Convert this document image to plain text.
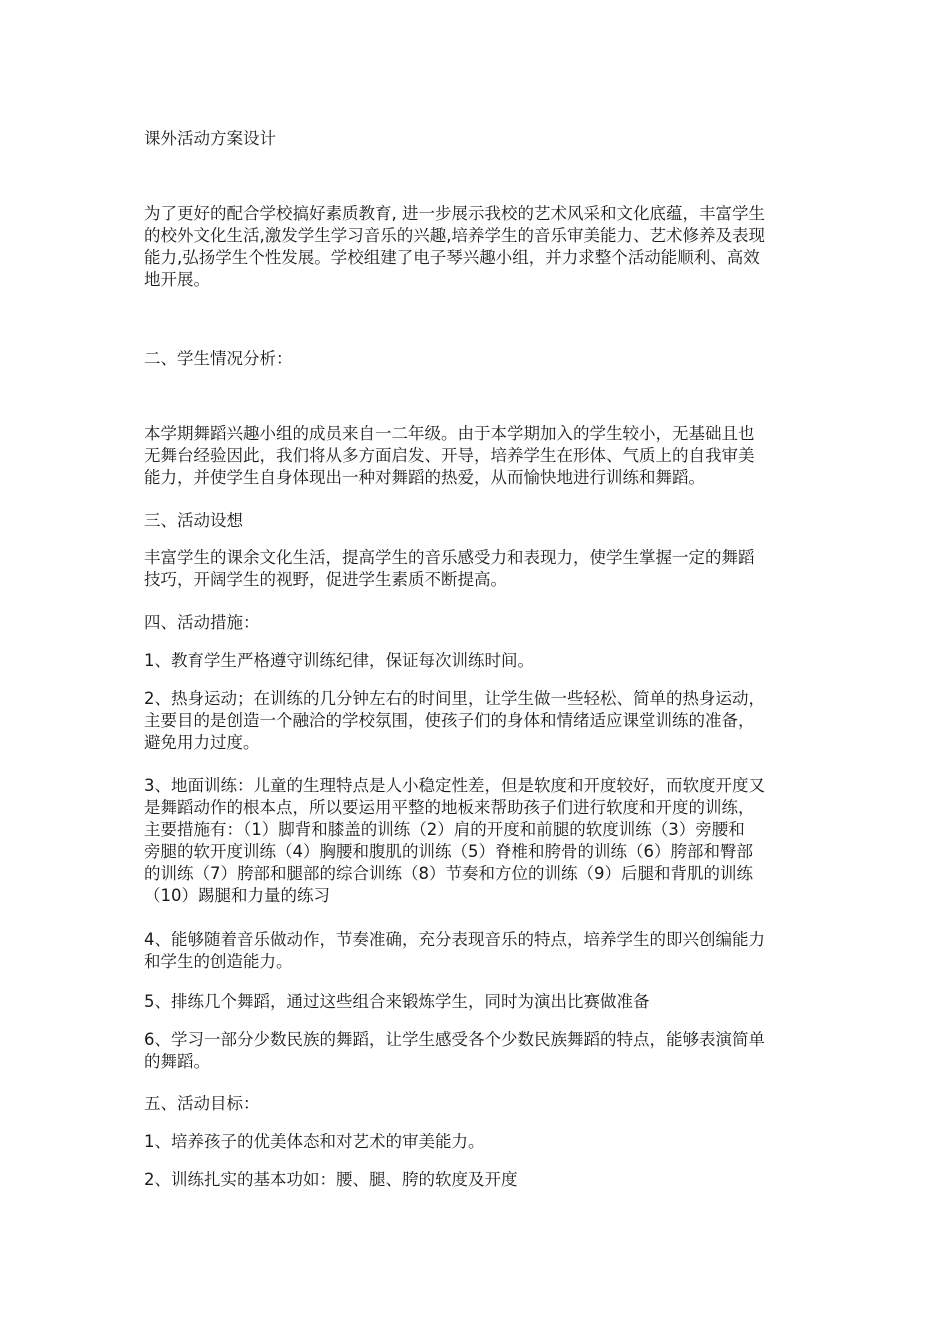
课外活动方案设计

为了更好的配合学校搞好素质教育, 进一步展示我校的艺术风采和文化底蕴，丰富学生
的校外文化生活,激发学生学习音乐的兴趣,培养学生的音乐审美能力、艺术修养及表现
能力,弘扬学生个性发展。学校组建了电子琴兴趣小组，并力求整个活动能顺利、高效
地开展。

二、学生情况分析：

本学期舞蹈兴趣小组的成员来自一二年级。由于本学期加入的学生较小，无基础且也
无舞台经验因此，我们将从多方面启发、开导，培养学生在形体、气质上的自我审美
能力，并使学生自身体现出一种对舞蹈的热爱，从而愉快地进行训练和舞蹈。

三、活动设想

丰富学生的课余文化生活，提高学生的音乐感受力和表现力，使学生掌握一定的舞蹈
技巧，开阔学生的视野，促进学生素质不断提高。

四、活动措施：

1、教育学生严格遵守训练纪律，保证每次训练时间。

2、热身运动；在训练的几分钟左右的时间里，让学生做一些轻松、简单的热身运动，
主要目的是创造一个融洽的学校氛围，使孩子们的身体和情绪适应课堂训练的准备，
避免用力过度。

3、地面训练：儿童的生理特点是人小稳定性差，但是软度和开度较好，而软度开度又
是舞蹈动作的根本点，所以要运用平整的地板来帮助孩子们进行软度和开度的训练，
主要措施有：（1）脚背和膝盖的训练（2）肩的开度和前腿的软度训练（3）旁腰和
旁腿的软开度训练（4）胸腰和腹肌的训练（5）脊椎和胯骨的训练（6）胯部和臀部
的训练（7）胯部和腿部的综合训练（8）节奏和方位的训练（9）后腿和背肌的训练
（10）踢腿和力量的练习

4、能够随着音乐做动作，节奏准确，充分表现音乐的特点，培养学生的即兴创编能力
和学生的创造能力。

5、排练几个舞蹈，通过这些组合来锻炼学生，同时为演出比赛做准备

6、学习一部分少数民族的舞蹈，让学生感受各个少数民族舞蹈的特点，能够表演简单
的舞蹈。

五、活动目标：

1、培养孩子的优美体态和对艺术的审美能力。

2、训练扎实的基本功如：腰、腿、胯的软度及开度
